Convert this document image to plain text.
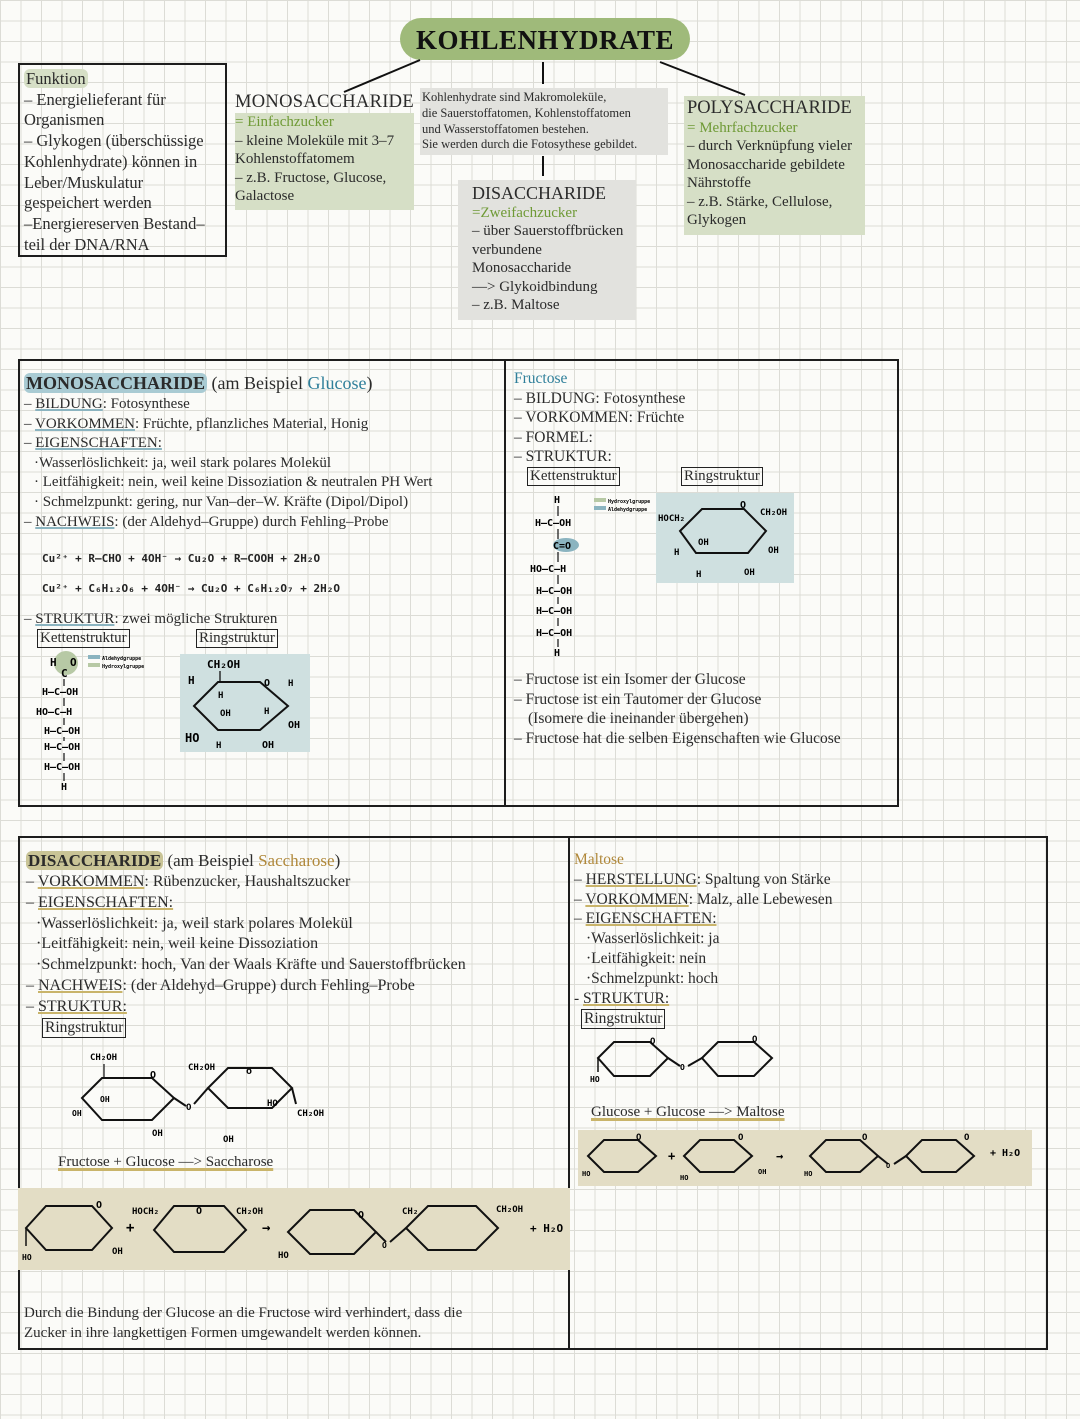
KOHLENHYDRATE
Funktion
– Energielieferant für
Organismen
– Glykogen (überschüssige
Kohlenhydrate) können in
Leber/Muskulatur
gespeichert werden
–Energiereserven Bestand–
teil der DNA/RNA
MONOSACCHARIDE
= Einfachzucker
– kleine Moleküle mit 3–7
Kohlenstoffatomem
– z.B. Fructose, Glucose,
Galactose
Kohlenhydrate sind Makromoleküle,
die Sauerstoffatomen, Kohlenstoffatomen
und Wasserstoffatomen bestehen.
Sie werden durch die Fotosythese gebildet.
DISACCHARIDE
=Zweifachzucker
– über Sauerstoffbrücken
verbundene
Monosaccharide
—> Glykoidbindung
– z.B. Maltose
POLYSACCHARIDE
= Mehrfachzucker
– durch Verknüpfung vieler
Monosaccharide gebildete
Nährstoffe
– z.B. Stärke, Cellulose,
Glykogen
MONOSACCHARIDE (am Beispiel Glucose)
– BILDUNG: Fotosynthese
– VORKOMMEN: Früchte, pflanzliches Material, Honig
– EIGENSCHAFTEN:
·Wasserlöslichkeit: ja, weil stark polares Molekül
· Leitfähigkeit: nein, weil keine Dissoziation & neutralen PH Wert
· Schmelzpunkt: gering, nur Van–der–W. Kräfte (Dipol/Dipol)
– NACHWEIS: (der Aldehyd–Gruppe) durch Fehling–Probe
Cu²⁺ + R–CHO + 4OH⁻ → Cu₂O + R–COOH + 2H₂O
Cu²⁺ + C₆H₁₂O₆ + 4OH⁻ → Cu₂O + C₆H₁₂O₇ + 2H₂O
– STRUKTUR: zwei mögliche Strukturen
Kettenstruktur	Ringstruktur
Aldehydgruppe
Hydroxylgruppe
H
C
O
H–C–OH
HO–C–H
H–C–OH
H–C–OH
H–C–OH
H
CH₂OH
H	O
H
H
OH	H
OH
HO
H	OH
Fructose
– BILDUNG: Fotosynthese
– VORKOMMEN: Früchte
– FORMEL:
– STRUKTUR:
Kettenstruktur	Ringstruktur
Hydroxylgruppe
Aldehydgruppe
H
H–C–OH
C=O
HO–C–H
H–C–OH
H–C–OH
H–C–OH
H
HOCH₂
O
CH₂OH
H
OH
OH
H	OH
– Fructose ist ein Isomer der Glucose
– Fructose ist ein Tautomer der Glucose
(Isomere die ineinander übergehen)
– Fructose hat die selben Eigenschaften wie Glucose
DISACCHARIDE (am Beispiel Saccharose)
– VORKOMMEN: Rübenzucker, Haushaltszucker
– EIGENSCHAFTEN:
·Wasserlöslichkeit: ja, weil stark polares Molekül
·Leitfähigkeit: nein, weil keine Dissoziation
·Schmelzpunkt: hoch, Van der Waals Kräfte und Sauerstoffbrücken
– NACHWEIS: (der Aldehyd–Gruppe) durch Fehling–Probe
– STRUKTUR:
Ringstruktur
CH₂OH
OH
O
CH₂OH
O
OH
OH
HO
CH₂OH
OH
o
Fructose + Glucose —> Saccharose
O
HO
+
HOCH₂	O
OH
CH₂OH
→
HO
O	CH₂
O
CH₂OH
+ H₂O
Durch die Bindung der Glucose an die Fructose wird verhindert, dass die
Zucker in ihre langkettigen Formen umgewandelt werden können.
Maltose
– HERSTELLUNG: Spaltung von Stärke
– VORKOMMEN: Malz, alle Lebewesen
– EIGENSCHAFTEN:
·Wasserlöslichkeit: ja
·Leitfähigkeit: nein
·Schmelzpunkt: hoch
- STRUKTUR:
Ringstruktur
HO
O
O
O
Glucose + Glucose —> Maltose
O
HO
+
O
HO
OH
→
HO
O
O
O
+ H₂O
